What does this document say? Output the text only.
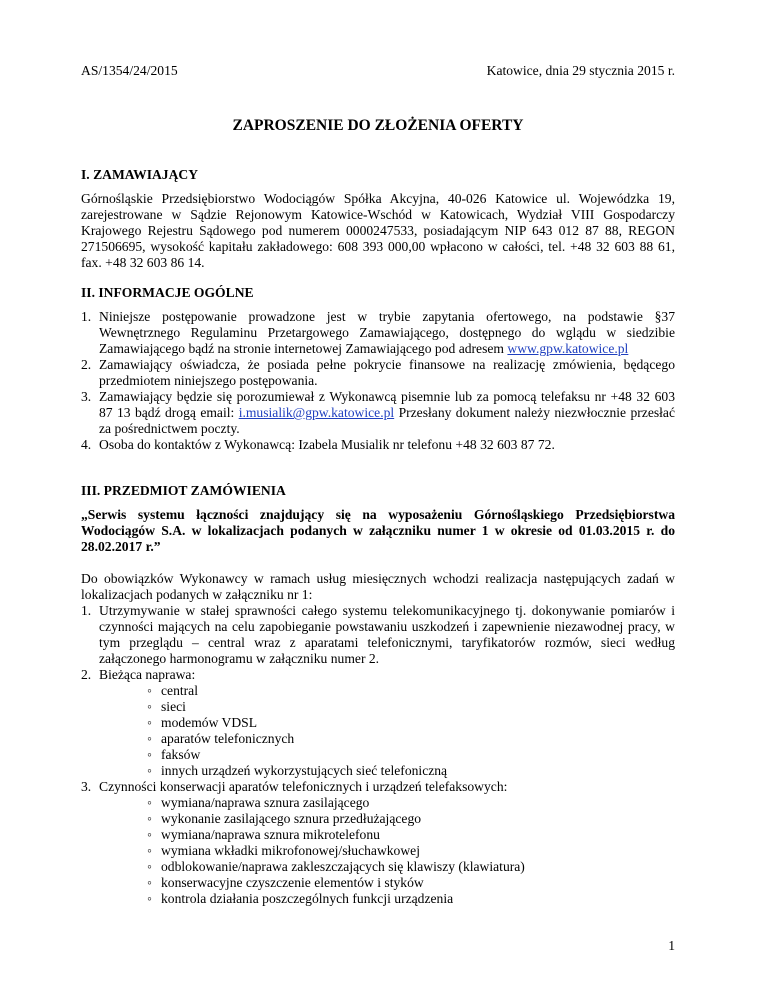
AS/1354/24/2015	Katowice, dnia 29 stycznia 2015 r.
ZAPROSZENIE DO ZŁOŻENIA OFERTY
I. ZAMAWIAJĄCY

Górnośląskie Przedsiębiorstwo Wodociągów Spółka Akcyjna, 40-026 Katowice ul. Wojewódzka 19, zarejestrowane w Sądzie Rejonowym Katowice-Wschód w Katowicach, Wydział VIII Gospodarczy Krajowego Rejestru Sądowego pod numerem 0000247533, posiadającym NIP 643 012 87 88, REGON 271506695, wysokość kapitału zakładowego: 608 393 000,00 wpłacono w całości, tel. +48 32 603 88 61, fax. +48 32 603 86 14.

II. INFORMACJE OGÓLNE
1. Niniejsze postępowanie prowadzone jest w trybie zapytania ofertowego, na podstawie §37 Wewnętrznego Regulaminu Przetargowego Zamawiającego, dostępnego do wglądu w siedzibie Zamawiającego bądź na stronie internetowej Zamawiającego pod adresem www.gpw.katowice.pl
2. Zamawiający oświadcza, że posiada pełne pokrycie finansowe na realizację zmówienia, będącego przedmiotem niniejszego postępowania.
3. Zamawiający będzie się porozumiewał z Wykonawcą pisemnie lub za pomocą telefaksu nr +48 32 603 87 13 bądź drogą email: i.musialik@gpw.katowice.pl Przesłany dokument należy niezwłocznie przesłać za pośrednictwem poczty.
4. Osoba do kontaktów z Wykonawcą: Izabela Musialik nr telefonu +48 32 603 87 72.
III. PRZEDMIOT ZAMÓWIENIA

„Serwis systemu łączności znajdujący się na wyposażeniu Górnośląskiego Przedsiębiorstwa Wodociągów S.A. w lokalizacjach podanych w załączniku numer 1 w okresie od 01.03.2015 r. do 28.02.2017 r.”

Do obowiązków Wykonawcy w ramach usług miesięcznych wchodzi realizacja następujących zadań w lokalizacjach podanych w załączniku nr 1:

1. Utrzymywanie w stałej sprawności całego systemu telekomunikacyjnego tj. dokonywanie pomiarów i czynności mających na celu zapobieganie powstawaniu uszkodzeń i zapewnienie niezawodnej pracy, w tym przeglądu – central wraz z aparatami telefonicznymi, taryfikatorów rozmów, sieci według załączonego harmonogramu w załączniku numer 2.
2. Bieżąca naprawa:
◦ central
◦ sieci
◦ modemów VDSL
◦ aparatów telefonicznych
◦ faksów
◦ innych urządzeń wykorzystujących sieć telefoniczną
3. Czynności konserwacji aparatów telefonicznych i urządzeń telefaksowych:
◦ wymiana/naprawa sznura zasilającego
◦ wykonanie zasilającego sznura przedłużającego
◦ wymiana/naprawa sznura mikrotelefonu
◦ wymiana wkładki mikrofonowej/słuchawkowej
◦ odblokowanie/naprawa zakleszczających się klawiszy (klawiatura)
◦ konserwacyjne czyszczenie elementów i styków
◦ kontrola działania poszczególnych funkcji urządzenia
1
